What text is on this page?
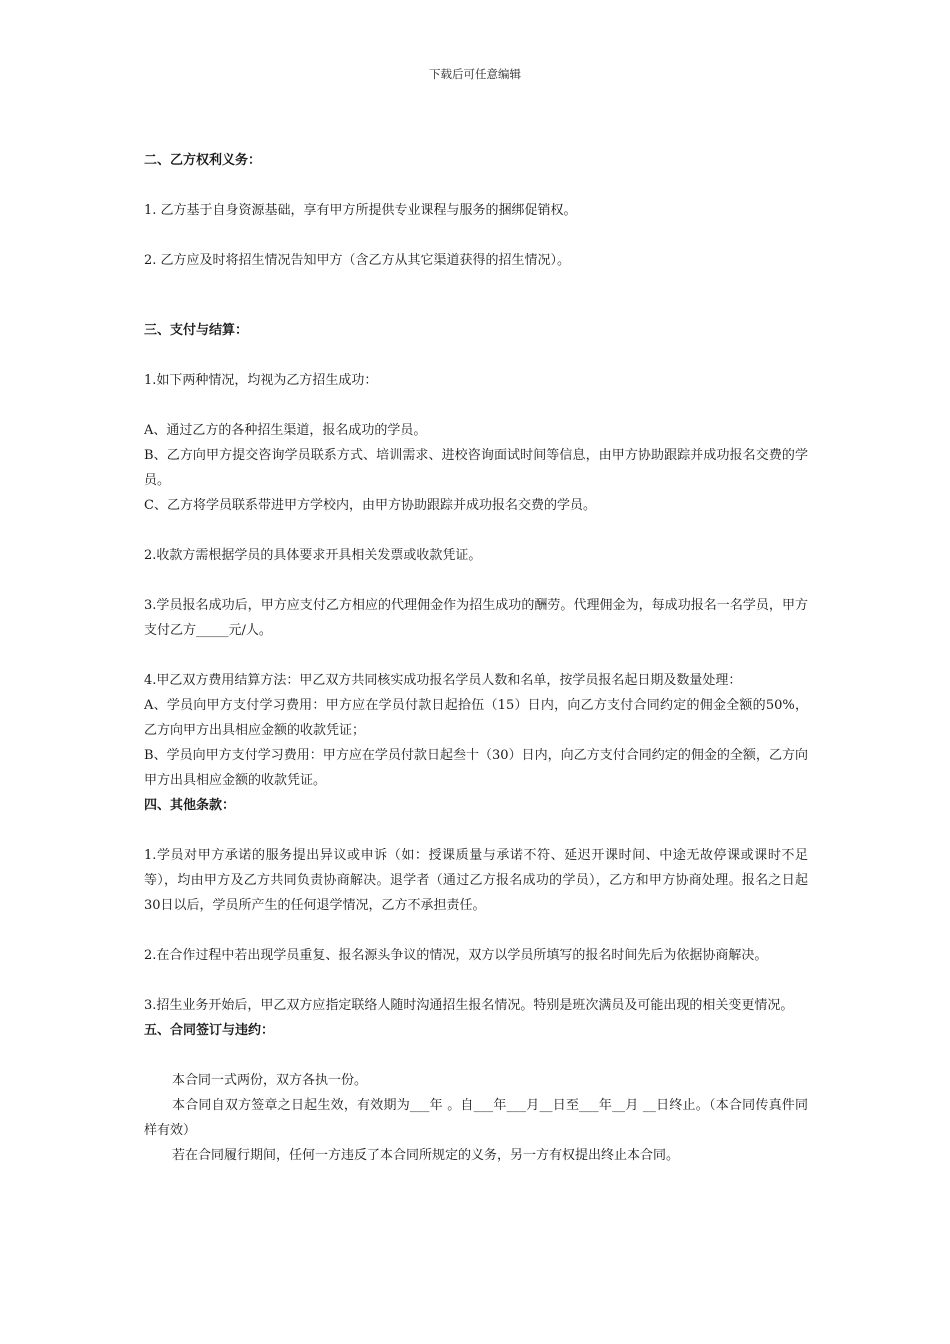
下载后可任意编辑

二、乙方权利义务：

1. 乙方基于自身资源基础，享有甲方所提供专业课程与服务的捆绑促销权。

2. 乙方应及时将招生情况告知甲方（含乙方从其它渠道获得的招生情况）。

三、支付与结算：

1.如下两种情况，均视为乙方招生成功：

A、通过乙方的各种招生渠道，报名成功的学员。

B、乙方向甲方提交咨询学员联系方式、培训需求、进校咨询面试时间等信息，由甲方协助跟踪并成功报名交费的学员。

C、乙方将学员联系带进甲方学校内，由甲方协助跟踪并成功报名交费的学员。

2.收款方需根据学员的具体要求开具相关发票或收款凭证。

3.学员报名成功后，甲方应支付乙方相应的代理佣金作为招生成功的酬劳。代理佣金为，每成功报名一名学员，甲方支付乙方_____元/人。

4.甲乙双方费用结算方法：甲乙双方共同核实成功报名学员人数和名单，按学员报名起日期及数量处理：

A、学员向甲方支付学习费用：甲方应在学员付款日起拾伍（15）日内，向乙方支付合同约定的佣金全额的50%，乙方向甲方出具相应金额的收款凭证；

B、学员向甲方支付学习费用：甲方应在学员付款日起叁十（30）日内，向乙方支付合同约定的佣金的全额，乙方向甲方出具相应金额的收款凭证。

四、其他条款：

1.学员对甲方承诺的服务提出异议或申诉（如：授课质量与承诺不符、延迟开课时间、中途无故停课或课时不足等），均由甲方及乙方共同负责协商解决。退学者（通过乙方报名成功的学员），乙方和甲方协商处理。报名之日起30日以后，学员所产生的任何退学情况，乙方不承担责任。

2.在合作过程中若出现学员重复、报名源头争议的情况，双方以学员所填写的报名时间先后为依据协商解决。

3.招生业务开始后，甲乙双方应指定联络人随时沟通招生报名情况。特别是班次满员及可能出现的相关变更情况。

五、合同签订与违约：

本合同一式两份，双方各执一份。

本合同自双方签章之日起生效，有效期为___年 。自___年___月__日至___年__月 __日终止。（本合同传真件同样有效）

若在合同履行期间，任何一方违反了本合同所规定的义务，另一方有权提出终止本合同。
